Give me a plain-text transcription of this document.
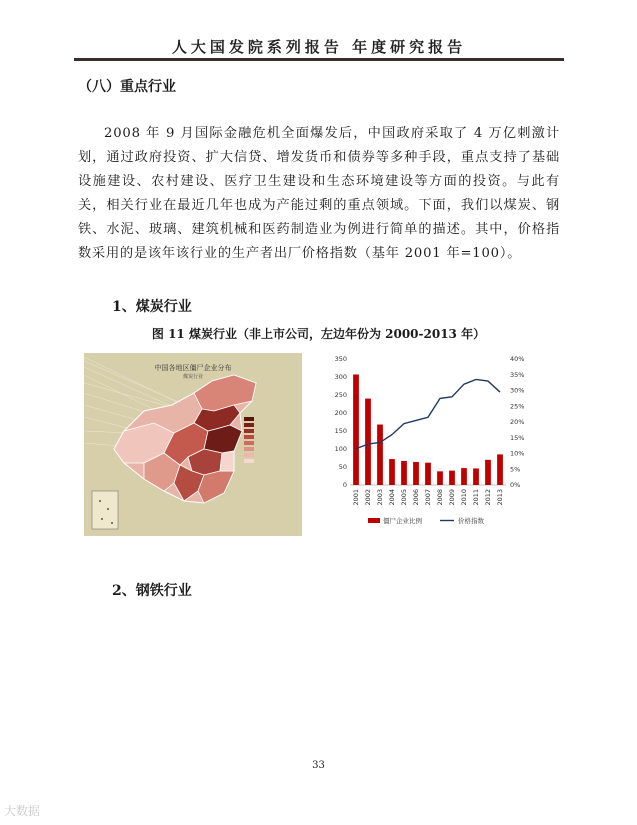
人大国发院系列报告 年度研究报告
（八）重点行业
2008 年 9 月国际金融危机全面爆发后，中国政府采取了 4 万亿刺激计划，通过政府投资、扩大信贷、增发货币和债券等多种手段，重点支持了基础设施建设、农村建设、医疗卫生建设和生态环境建设等方面的投资。与此有关，相关行业在最近几年也成为产能过剩的重点领域。下面，我们以煤炭、钢铁、水泥、玻璃、建筑机械和医药制造业为例进行简单的描述。其中，价格指数采用的是该年该行业的生产者出厂价格指数（基年 2001 年=100）。
1、煤炭行业
图 11 煤炭行业（非上市公司，左边年份为 2000-2013 年）
中国各地区僵尸企业分布
煤炭行业
0
50
100
150
200
250
300
350
0%
5%
10%
15%
20%
25%
30%
35%
40%
2001 2002 2003 2004 2005 2006 2007 2008 2009 2010 2011 2012 2013
僵尸企业比例	价格指数
2、钢铁行业
33
大数据
